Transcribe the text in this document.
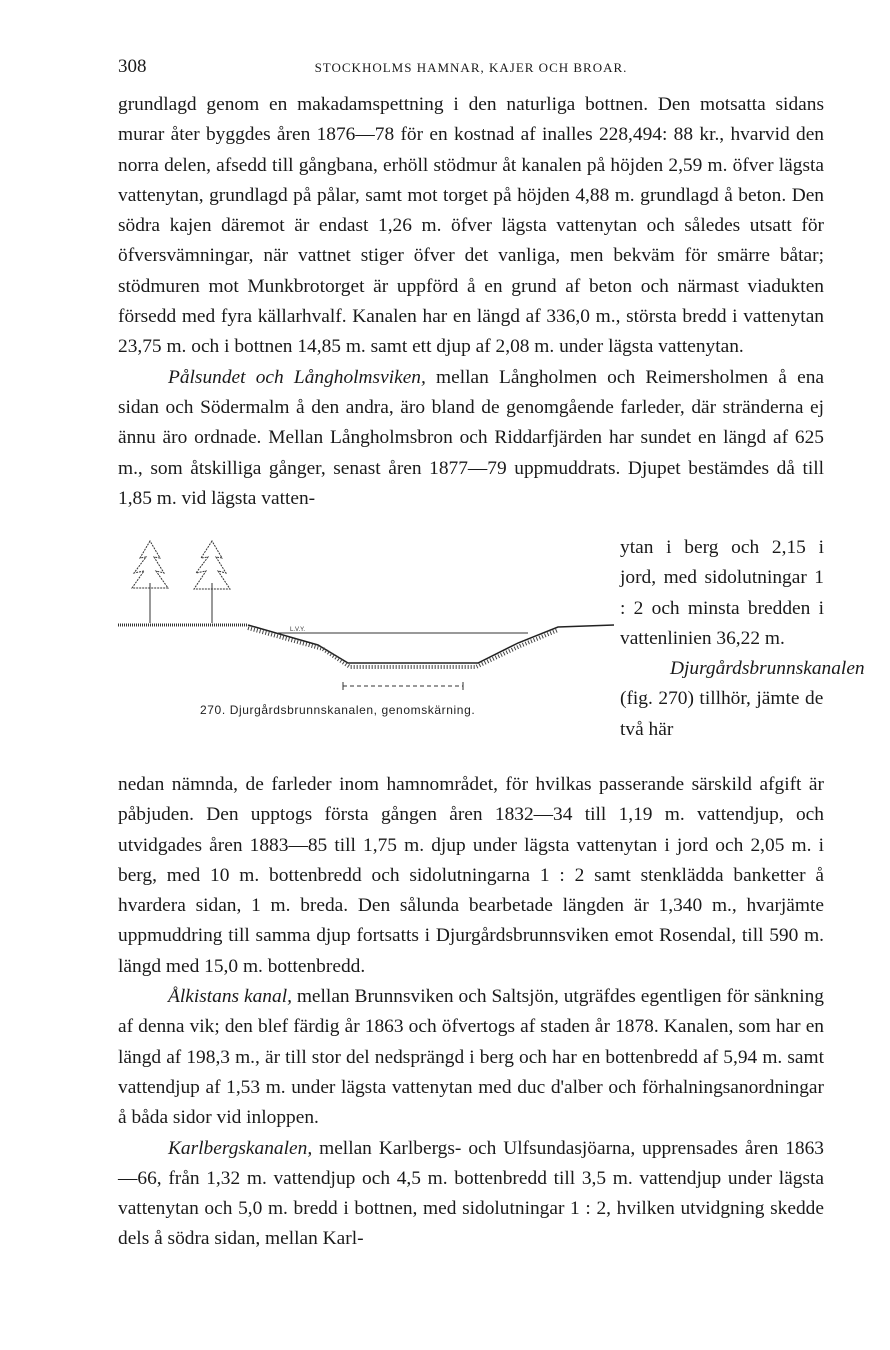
308	STOCKHOLMS HAMNAR, KAJER OCH BROAR.

grundlagd genom en makadamspettning i den naturliga bottnen. Den motsatta sidans murar åter byggdes åren 1876—78 för en kostnad af inalles 228,494: 88 kr., hvarvid den norra delen, afsedd till gångbana, erhöll stödmur åt kanalen på höjden 2,59 m. öfver lägsta vattenytan, grundlagd på pålar, samt mot torget på höjden 4,88 m. grundlagd å beton. Den södra kajen däremot är endast 1,26 m. öfver lägsta vattenytan och således utsatt för öfversvämningar, när vattnet stiger öfver det vanliga, men bekväm för smärre båtar; stödmuren mot Munkbrotorget är uppförd å en grund af beton och närmast viadukten försedd med fyra källarhvalf. Kanalen har en längd af 336,0 m., största bredd i vattenytan 23,75 m. och i bottnen 14,85 m. samt ett djup af 2,08 m. under lägsta vattenytan.

Pålsundet och Långholmsviken, mellan Långholmen och Reimersholmen å ena sidan och Södermalm å den andra, äro bland de genomgående farleder, där stränderna ej ännu äro ordnade. Mellan Långholmsbron och Riddarfjärden har sundet en längd af 625 m., som åtskilliga gånger, senast åren 1877—79 uppmuddrats. Djupet bestämdes då till 1,85 m. vid lägsta vatten-

L.V.Y.
270. Djurgårdsbrunnskanalen, genomskärning.

ytan i berg och 2,15 i jord, med sidolutningar 1 : 2 och minsta bredden i vattenlinien 36,22 m.

Djurgårdsbrunnskanalen (fig. 270) tillhör, jämte de två här

nedan nämnda, de farleder inom hamnområdet, för hvilkas passerande särskild afgift är påbjuden. Den upptogs första gången åren 1832—34 till 1,19 m. vattendjup, och utvidgades åren 1883—85 till 1,75 m. djup under lägsta vattenytan i jord och 2,05 m. i berg, med 10 m. bottenbredd och sidolutningarna 1 : 2 samt stenklädda banketter å hvardera sidan, 1 m. breda. Den sålunda bearbetade längden är 1,340 m., hvarjämte uppmuddring till samma djup fortsatts i Djurgårdsbrunnsviken emot Rosendal, till 590 m. längd med 15,0 m. bottenbredd.

Ålkistans kanal, mellan Brunnsviken och Saltsjön, utgräfdes egentligen för sänkning af denna vik; den blef färdig år 1863 och öfvertogs af staden år 1878. Kanalen, som har en längd af 198,3 m., är till stor del nedsprängd i berg och har en bottenbredd af 5,94 m. samt vattendjup af 1,53 m. under lägsta vattenytan med duc d'alber och förhalningsanordningar å båda sidor vid inloppen.

Karlbergskanalen, mellan Karlbergs- och Ulfsundasjöarna, upprensades åren 1863—66, från 1,32 m. vattendjup och 4,5 m. bottenbredd till 3,5 m. vattendjup under lägsta vattenytan och 5,0 m. bredd i bottnen, med sidolutningar 1 : 2, hvilken utvidgning skedde dels å södra sidan, mellan Karl-
